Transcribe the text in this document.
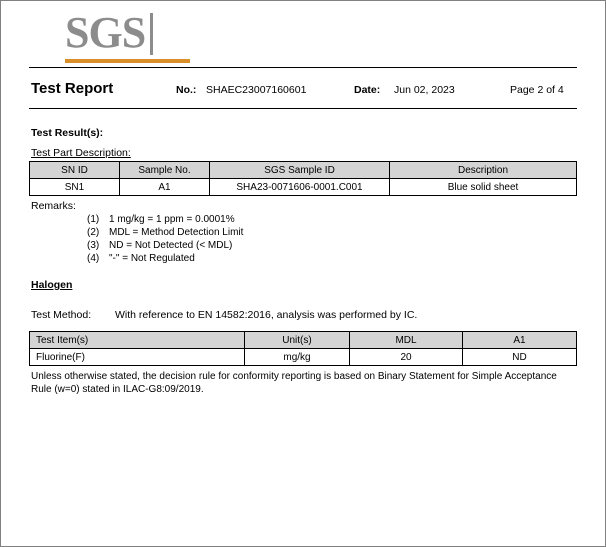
SGS
Test Report	No.: SHAEC23007160601	Date: Jun 02, 2023	Page 2 of 4
Test Result(s):
Test Part Description:
SN ID	Sample No.	SGS Sample ID	Description
SN1	A1	SHA23-0071606-0001.C001	Blue solid sheet
Remarks:
(1) 1 mg/kg = 1 ppm = 0.0001%
(2) MDL = Method Detection Limit
(3) ND = Not Detected (< MDL)
(4) "-" = Not Regulated
Halogen
Test Method: With reference to EN 14582:2016, analysis was performed by IC.
Test Item(s)	Unit(s)	MDL	A1
Fluorine(F)	mg/kg	20	ND
Unless otherwise stated, the decision rule for conformity reporting is based on Binary Statement for Simple Acceptance Rule (w=0) stated in ILAC-G8:09/2019.
